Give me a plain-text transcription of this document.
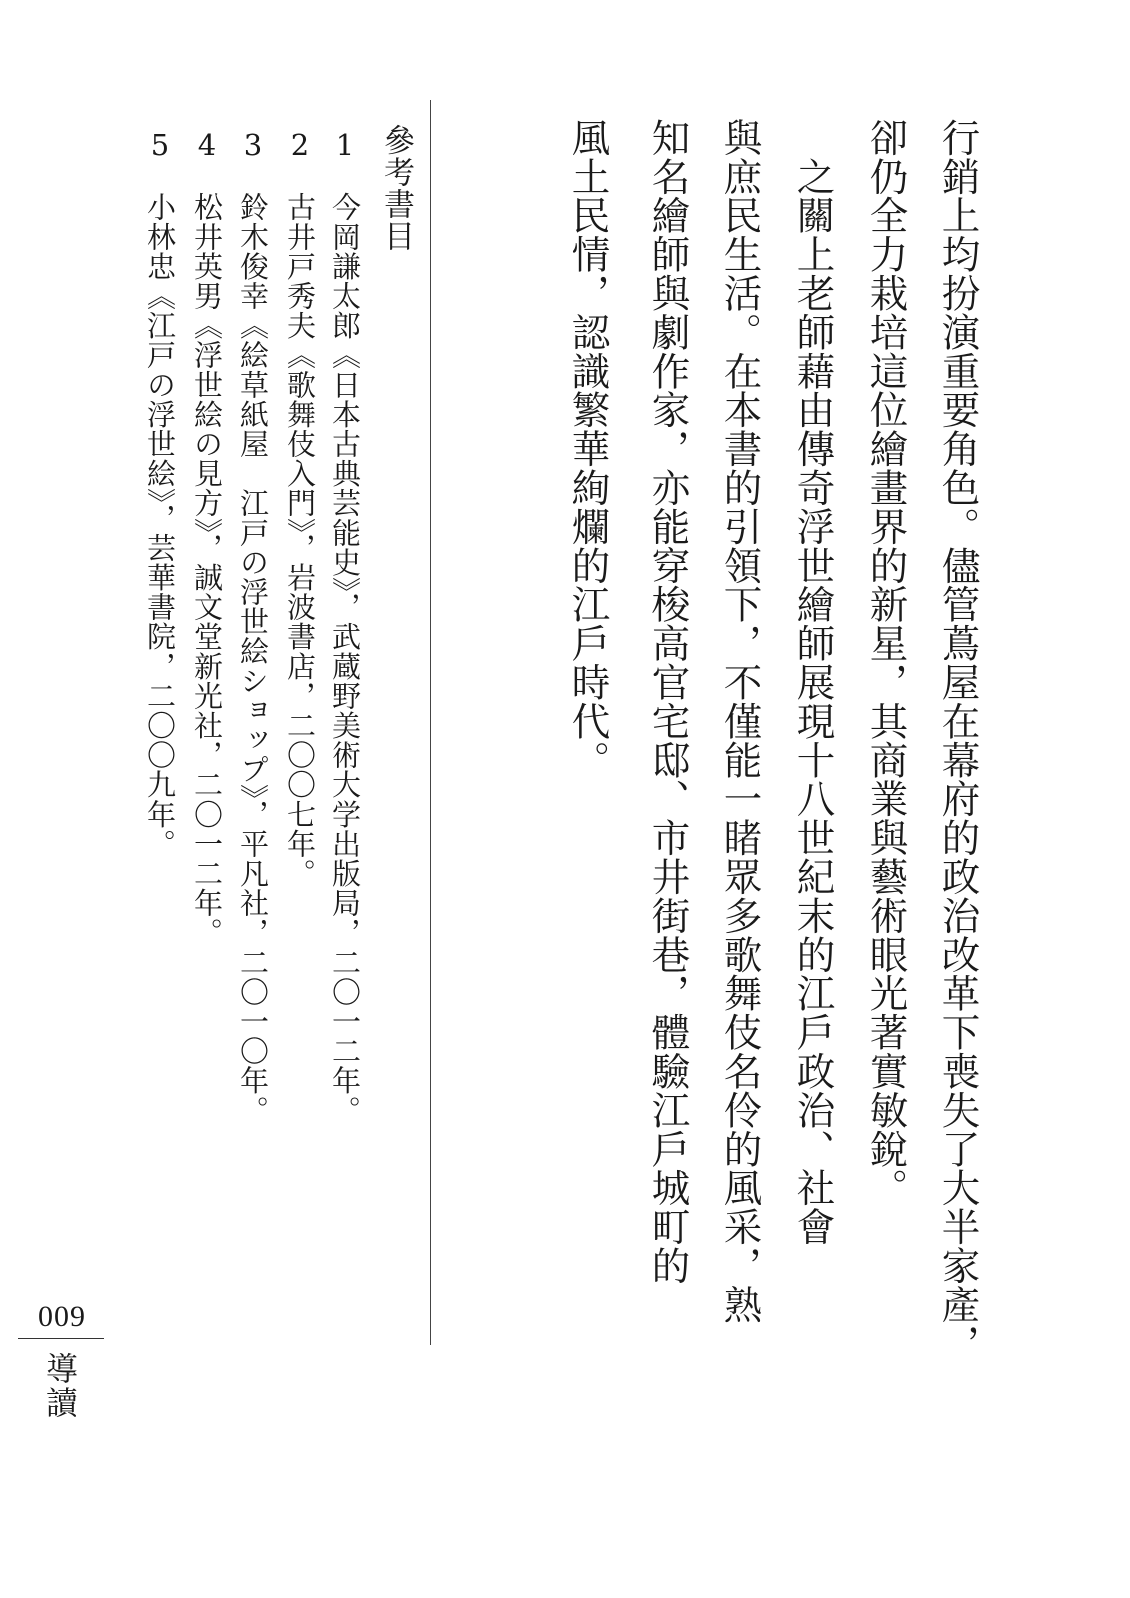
行銷上均扮演重要角色。儘管蔦屋在幕府的政治改革下喪失了大半家產，
卻仍全力栽培這位繪畫界的新星，其商業與藝術眼光著實敏銳。
　之關上老師藉由傳奇浮世繪師展現十八世紀末的江戶政治、社會
與庶民生活。在本書的引領下，不僅能一睹眾多歌舞伎名伶的風采，熟
知名繪師與劇作家，亦能穿梭高官宅邸、市井街巷，體驗江戶城町的
風土民情，認識繁華絢爛的江戶時代。
參考書目
1　今岡謙太郎《日本古典芸能史》，武蔵野美術大学出版局，二〇一二年。
2　古井戸秀夫《歌舞伎入門》，岩波書店，二〇〇七年。
3　鈴木俊幸《絵草紙屋　江戸の浮世絵ショップ》，平凡社，二〇一〇年。
4　松井英男《浮世絵の見方》，誠文堂新光社，二〇一二年。
5　小林忠《江戸の浮世絵》，芸華書院，二〇〇九年。
009
導讀
